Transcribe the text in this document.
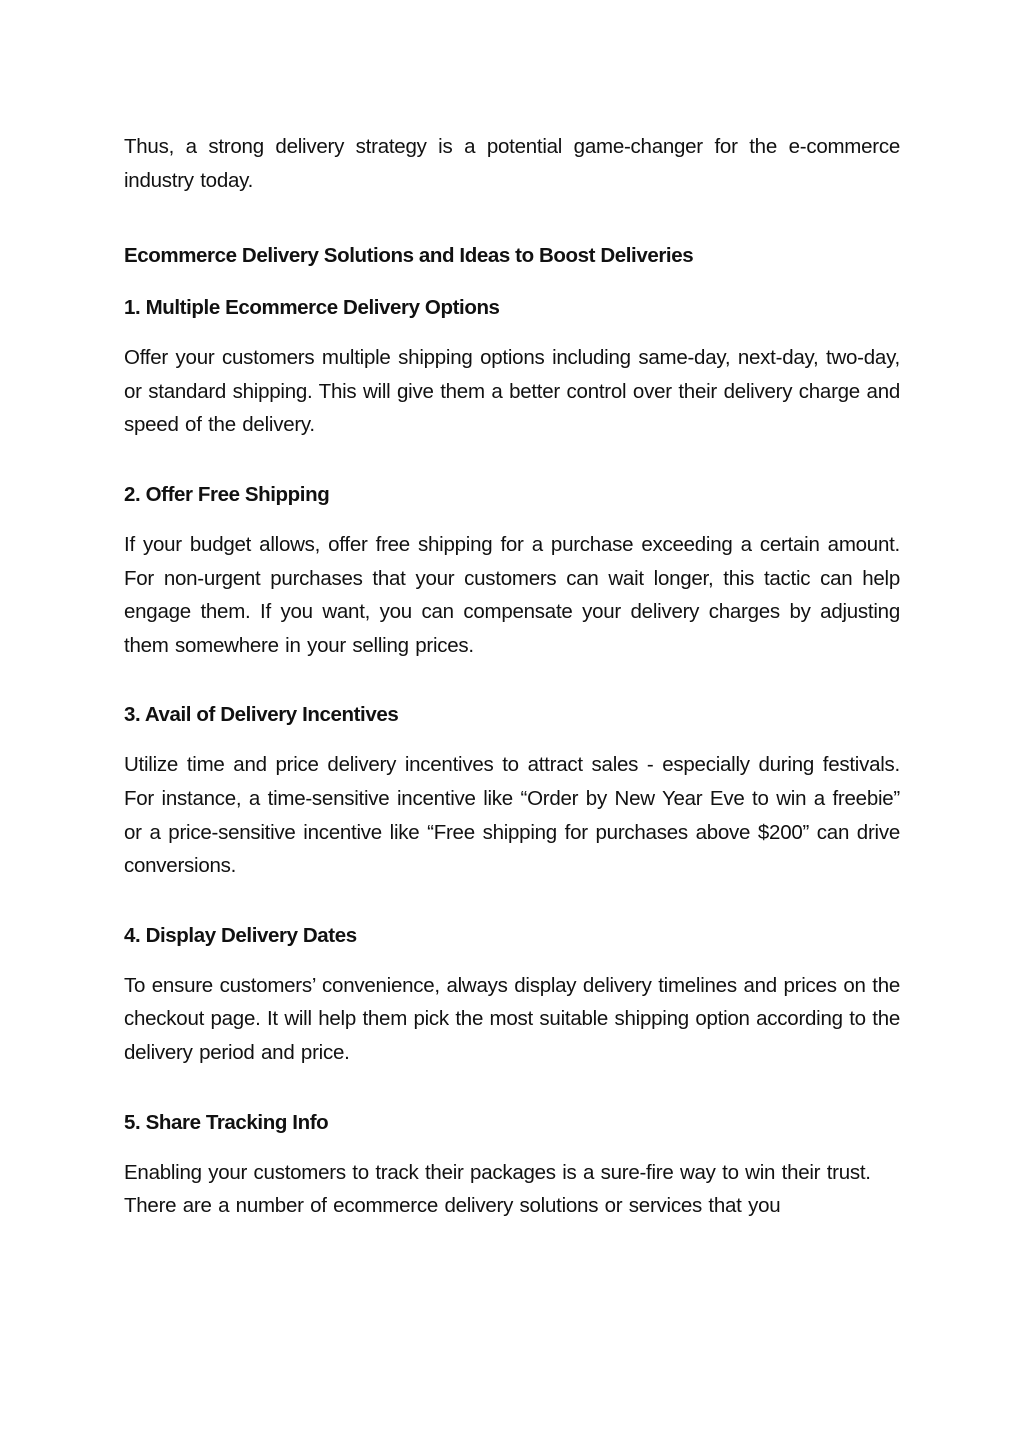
Thus, a strong delivery strategy is a potential game-changer for the e-commerce industry today.

Ecommerce Delivery Solutions and Ideas to Boost Deliveries
1. Multiple Ecommerce Delivery Options

Offer your customers multiple shipping options including same-day, next-day, two-day, or standard shipping. This will give them a better control over their delivery charge and speed of the delivery.

2. Offer Free Shipping

If your budget allows, offer free shipping for a purchase exceeding a certain amount. For non-urgent purchases that your customers can wait longer, this tactic can help engage them. If you want, you can compensate your delivery charges by adjusting them somewhere in your selling prices.

3. Avail of Delivery Incentives

Utilize time and price delivery incentives to attract sales - especially during festivals. For instance, a time-sensitive incentive like “Order by New Year Eve to win a freebie” or a price-sensitive incentive like “Free shipping for purchases above $200” can drive conversions.

4. Display Delivery Dates

To ensure customers’ convenience, always display delivery timelines and prices on the checkout page. It will help them pick the most suitable shipping option according to the delivery period and price.

5. Share Tracking Info

Enabling your customers to track their packages is a sure-fire way to win their trust. There are a number of ecommerce delivery solutions or services that you
